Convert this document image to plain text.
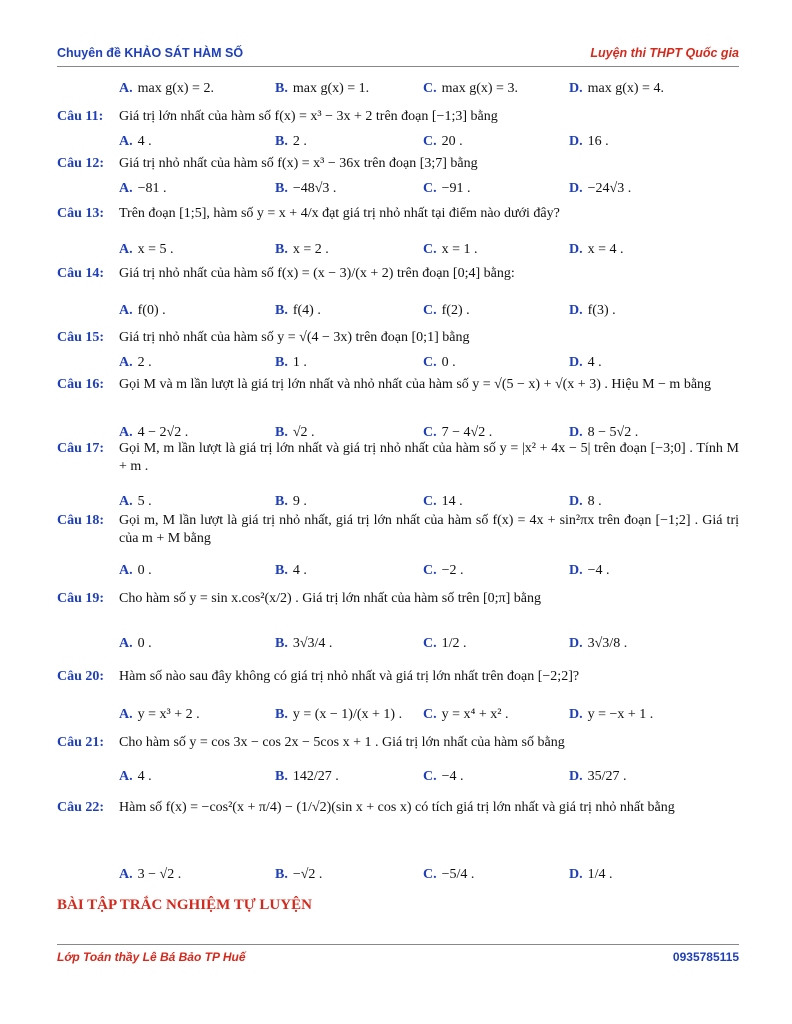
Chuyên đề KHẢO SÁT HÀM SỐ	Luyện thi THPT Quốc gia
A. max g(x) = 2.	B. max g(x) = 1.	C. max g(x) = 3.	D. max g(x) = 4.
Câu 11: Giá trị lớn nhất của hàm số f(x) = x³ − 3x + 2 trên đoạn [−1;3] bằng
A. 4 .	B. 2 .	C. 20 .	D. 16 .
Câu 12: Giá trị nhỏ nhất của hàm số f(x) = x³ − 36x trên đoạn [3;7] bằng
A. −81 .	B. −48√3 .	C. −91 .	D. −24√3 .
Câu 13: Trên đoạn [1;5], hàm số y = x + 4/x đạt giá trị nhỏ nhất tại điểm nào dưới đây?
A. x = 5 .	B. x = 2 .	C. x = 1 .	D. x = 4 .
Câu 14: Giá trị nhỏ nhất của hàm số f(x) = (x − 3)/(x + 2) trên đoạn [0;4] bằng:
A. f(0) .	B. f(4) .	C. f(2) .	D. f(3) .
Câu 15: Giá trị nhỏ nhất của hàm số y = √(4 − 3x) trên đoạn [0;1] bằng
A. 2 .	B. 1 .	C. 0 .	D. 4 .
Câu 16: Gọi M và m lần lượt là giá trị lớn nhất và nhỏ nhất của hàm số y = √(5 − x) + √(x + 3) . Hiệu M − m bằng
A. 4 − 2√2 .	B. √2 .	C. 7 − 4√2 .	D. 8 − 5√2 .
Câu 17: Gọi M, m lần lượt là giá trị lớn nhất và giá trị nhỏ nhất của hàm số y = |x² + 4x − 5| trên đoạn [−3;0] . Tính M + m .
A. 5 .	B. 9 .	C. 14 .	D. 8 .
Câu 18: Gọi m, M lần lượt là giá trị nhỏ nhất, giá trị lớn nhất của hàm số f(x) = 4x + sin²πx trên đoạn [−1;2] . Giá trị của m + M bằng
A. 0 .	B. 4 .	C. −2 .	D. −4 .
Câu 19: Cho hàm số y = sin x.cos²(x/2) . Giá trị lớn nhất của hàm số trên [0;π] bằng
A. 0 .	B. 3√3/4 .	C. 1/2 .	D. 3√3/8 .
Câu 20: Hàm số nào sau đây không có giá trị nhỏ nhất và giá trị lớn nhất trên đoạn [−2;2]?
A. y = x³ + 2 .	B. y = (x − 1)/(x + 1) . C. y = x⁴ + x² .	D. y = −x + 1 .
Câu 21: Cho hàm số y = cos 3x − cos 2x − 5cos x + 1 . Giá trị lớn nhất của hàm số bằng
A. 4 .	B. 142/27 .	C. −4 .	D. 35/27 .
Câu 22: Hàm số f(x) = −cos²(x + π/4) − (1/√2)(sin x + cos x) có tích giá trị lớn nhất và giá trị nhỏ nhất bằng
A. 3 − √2 .	B. −√2 .	C. −5/4 .	D. 1/4 .
BÀI TẬP TRẮC NGHIỆM TỰ LUYỆN
Lớp Toán thầy Lê Bá Bảo TP Huế	0935785115
